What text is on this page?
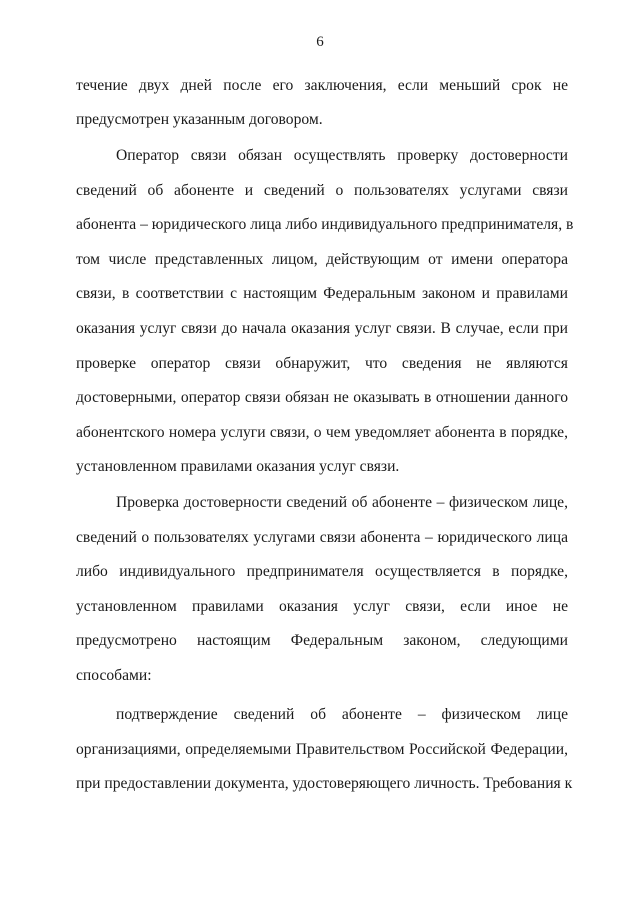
6
течение двух дней после его заключения, если меньший срок не
предусмотрен указанным договором.
Оператор связи обязан осуществлять проверку достоверности
сведений об абоненте и сведений о пользователях услугами связи
абонента – юридического лица либо индивидуального предпринимателя, в
том числе представленных лицом, действующим от имени оператора
связи, в соответствии с настоящим Федеральным законом и правилами
оказания услуг связи до начала оказания услуг связи. В случае, если при
проверке оператор связи обнаружит, что сведения не являются
достоверными, оператор связи обязан не оказывать в отношении данного
абонентского номера услуги связи, о чем уведомляет абонента в порядке,
установленном правилами оказания услуг связи.
Проверка достоверности сведений об абоненте – физическом лице,
сведений о пользователях услугами связи абонента – юридического лица
либо индивидуального предпринимателя осуществляется в порядке,
установленном правилами оказания услуг связи, если иное не
предусмотрено настоящим Федеральным законом, следующими
способами:
подтверждение сведений об абоненте – физическом лице
организациями, определяемыми Правительством Российской Федерации,
при предоставлении документа, удостоверяющего личность. Требования к
